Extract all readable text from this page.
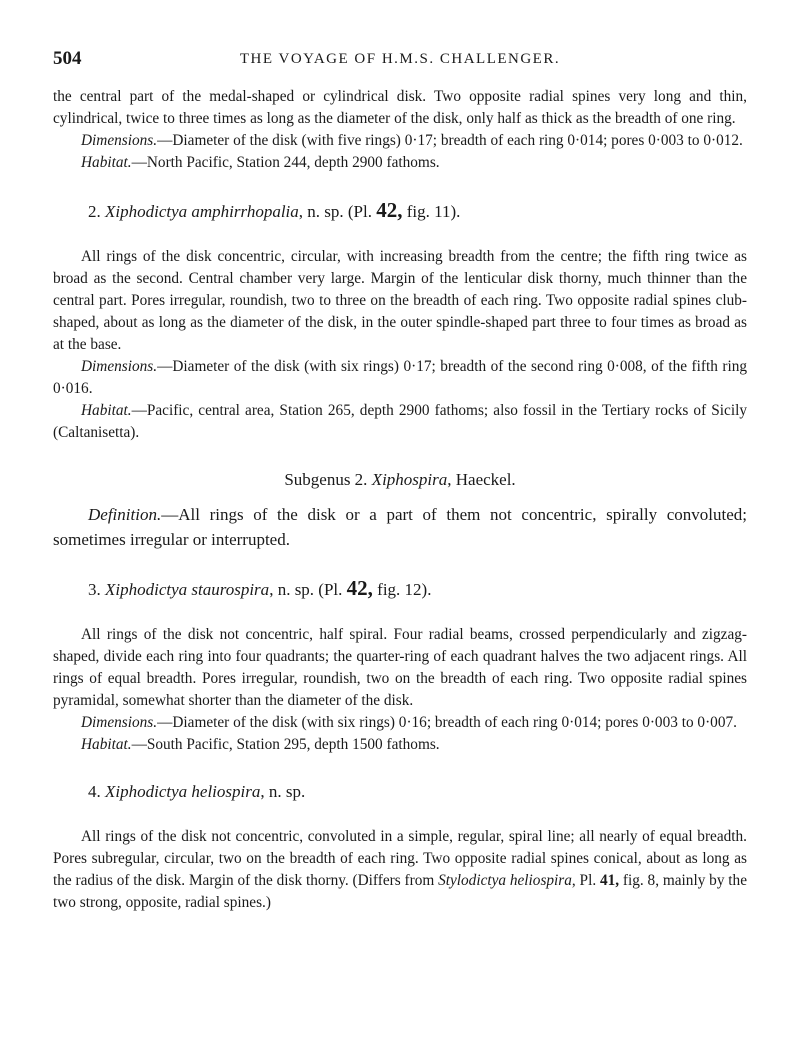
504	THE VOYAGE OF H.M.S. CHALLENGER.

the central part of the medal-shaped or cylindrical disk. Two opposite radial spines very long and thin, cylindrical, twice to three times as long as the diameter of the disk, only half as thick as the breadth of one ring.

Dimensions.—Diameter of the disk (with five rings) 0·17; breadth of each ring 0·014; pores 0·003 to 0·012.

Habitat.—North Pacific, Station 244, depth 2900 fathoms.

2. Xiphodictya amphirrhopalia, n. sp. (Pl. 42, fig. 11).

All rings of the disk concentric, circular, with increasing breadth from the centre; the fifth ring twice as broad as the second. Central chamber very large. Margin of the lenticular disk thorny, much thinner than the central part. Pores irregular, roundish, two to three on the breadth of each ring. Two opposite radial spines club-shaped, about as long as the diameter of the disk, in the outer spindle-shaped part three to four times as broad as at the base.

Dimensions.—Diameter of the disk (with six rings) 0·17; breadth of the second ring 0·008, of the fifth ring 0·016.

Habitat.—Pacific, central area, Station 265, depth 2900 fathoms; also fossil in the Tertiary rocks of Sicily (Caltanisetta).

Subgenus 2. Xiphospira, Haeckel.

Definition.—All rings of the disk or a part of them not concentric, spirally convoluted; sometimes irregular or interrupted.

3. Xiphodictya staurospira, n. sp. (Pl. 42, fig. 12).

All rings of the disk not concentric, half spiral. Four radial beams, crossed perpendicularly and zigzag-shaped, divide each ring into four quadrants; the quarter-ring of each quadrant halves the two adjacent rings. All rings of equal breadth. Pores irregular, roundish, two on the breadth of each ring. Two opposite radial spines pyramidal, somewhat shorter than the diameter of the disk.

Dimensions.—Diameter of the disk (with six rings) 0·16; breadth of each ring 0·014; pores 0·003 to 0·007.

Habitat.—South Pacific, Station 295, depth 1500 fathoms.

4. Xiphodictya heliospira, n. sp.

All rings of the disk not concentric, convoluted in a simple, regular, spiral line; all nearly of equal breadth. Pores subregular, circular, two on the breadth of each ring. Two opposite radial spines conical, about as long as the radius of the disk. Margin of the disk thorny. (Differs from Stylodictya heliospira, Pl. 41, fig. 8, mainly by the two strong, opposite, radial spines.)
